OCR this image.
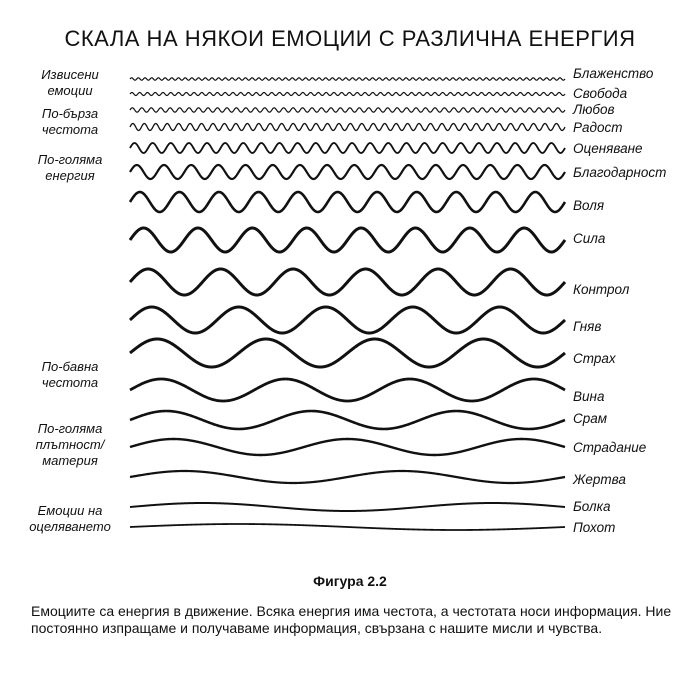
СКАЛА НА НЯКОИ ЕМОЦИИ С РАЗЛИЧНА ЕНЕРГИЯ
Извисени
емоции
По-бърза
честота
По-голяма
енергия
По-бавна
честота
По-голяма
плътност/
материя
Емоции на
оцеляването
Блаженство
Свобода
Любов
Радост
Оценяване
Благодарност
Воля
Сила
Контрол
Гняв
Страх
Вина
Срам
Страдание
Жертва
Болка
Похот
Фигура 2.2
Емоциите са енергия в движение. Всяка енергия има честота, а честотата носи информация. Ние постоянно изпращаме и получаваме информация, свързана с нашите мисли и чувства.
